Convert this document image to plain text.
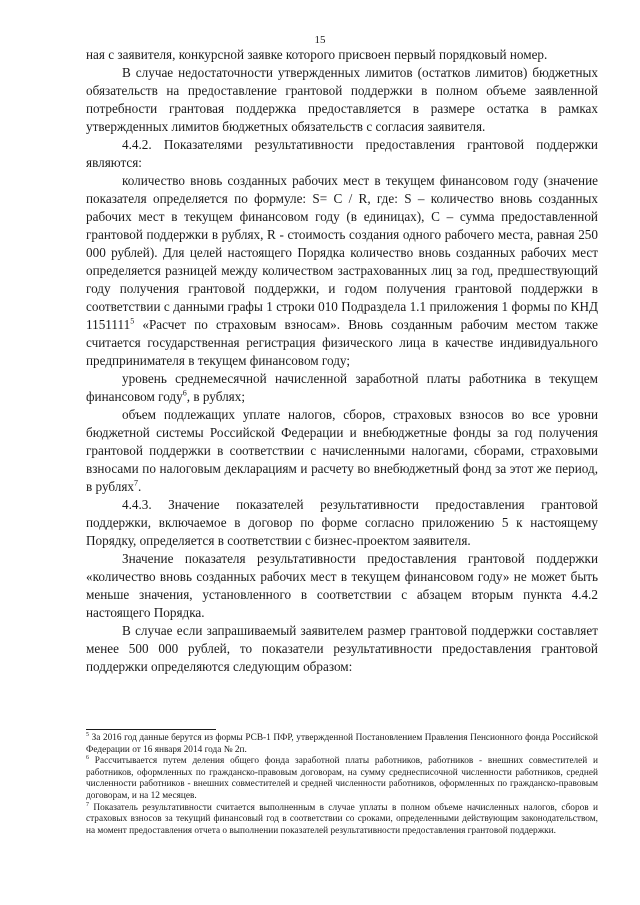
15

ная с заявителя, конкурсной заявке которого присвоен первый порядковый номер.

В случае недостаточности утвержденных лимитов (остатков лимитов) бюджетных обязательств на предоставление грантовой поддержки в полном объеме заявленной потребности грантовая поддержка предоставляется в размере остатка в рамках утвержденных лимитов бюджетных обязательств с согласия заявителя.

4.4.2. Показателями результативности предоставления грантовой поддержки являются:

количество вновь созданных рабочих мест в текущем финансовом году (значение показателя определяется по формуле: S= C / R, где: S – количество вновь созданных рабочих мест в текущем финансовом году (в единицах), C – сумма предоставленной грантовой поддержки в рублях, R - стоимость создания одного рабочего места, равная 250 000 рублей). Для целей настоящего Порядка количество вновь созданных рабочих мест определяется разницей между количеством застрахованных лиц за год, предшествующий году получения грантовой поддержки, и годом получения грантовой поддержки в соответствии с данными графы 1 строки 010 Подраздела 1.1 приложения 1 формы по КНД 1151111$^5$ «Расчет по страховым взносам». Вновь созданным рабочим местом также считается государственная регистрация физического лица в качестве индивидуального предпринимателя в текущем финансовом году;

уровень среднемесячной начисленной заработной платы работника в текущем финансовом году$^6$, в рублях;

объем подлежащих уплате налогов, сборов, страховых взносов во все уровни бюджетной системы Российской Федерации и внебюджетные фонды за год получения грантовой поддержки в соответствии с начисленными налогами, сборами, страховыми взносами по налоговым декларациям и расчету во внебюджетный фонд за этот же период, в рублях$^7$.

4.4.3. Значение показателей результативности предоставления грантовой поддержки, включаемое в договор по форме согласно приложению 5 к настоящему Порядку, определяется в соответствии с бизнес-проектом заявителя.

Значение показателя результативности предоставления грантовой поддержки «количество вновь созданных рабочих мест в текущем финансовом году» не может быть меньше значения, установленного в соответствии с абзацем вторым пункта 4.4.2 настоящего Порядка.

В случае если запрашиваемый заявителем размер грантовой поддержки составляет менее 500 000 рублей, то показатели результативности предоставления грантовой поддержки определяются следующим образом:

$^5$ За 2016 год данные берутся из формы РСВ-1 ПФР, утвержденной Постановлением Правления Пенсионного фонда Российской Федерации от 16 января 2014 года № 2п.

$^6$ Рассчитывается путем деления общего фонда заработной платы работников, работников - внешних совместителей и работников, оформленных по гражданско-правовым договорам, на сумму среднесписочной численности работников, средней численности работников - внешних совместителей и средней численности работников, оформленных по гражданско-правовым договорам, и на 12 месяцев.

$^7$ Показатель результативности считается выполненным в случае уплаты в полном объеме начисленных налогов, сборов и страховых взносов за текущий финансовый год в соответствии со сроками, определенными действующим законодательством, на момент предоставления отчета о выполнении показателей результативности предоставления грантовой поддержки.
